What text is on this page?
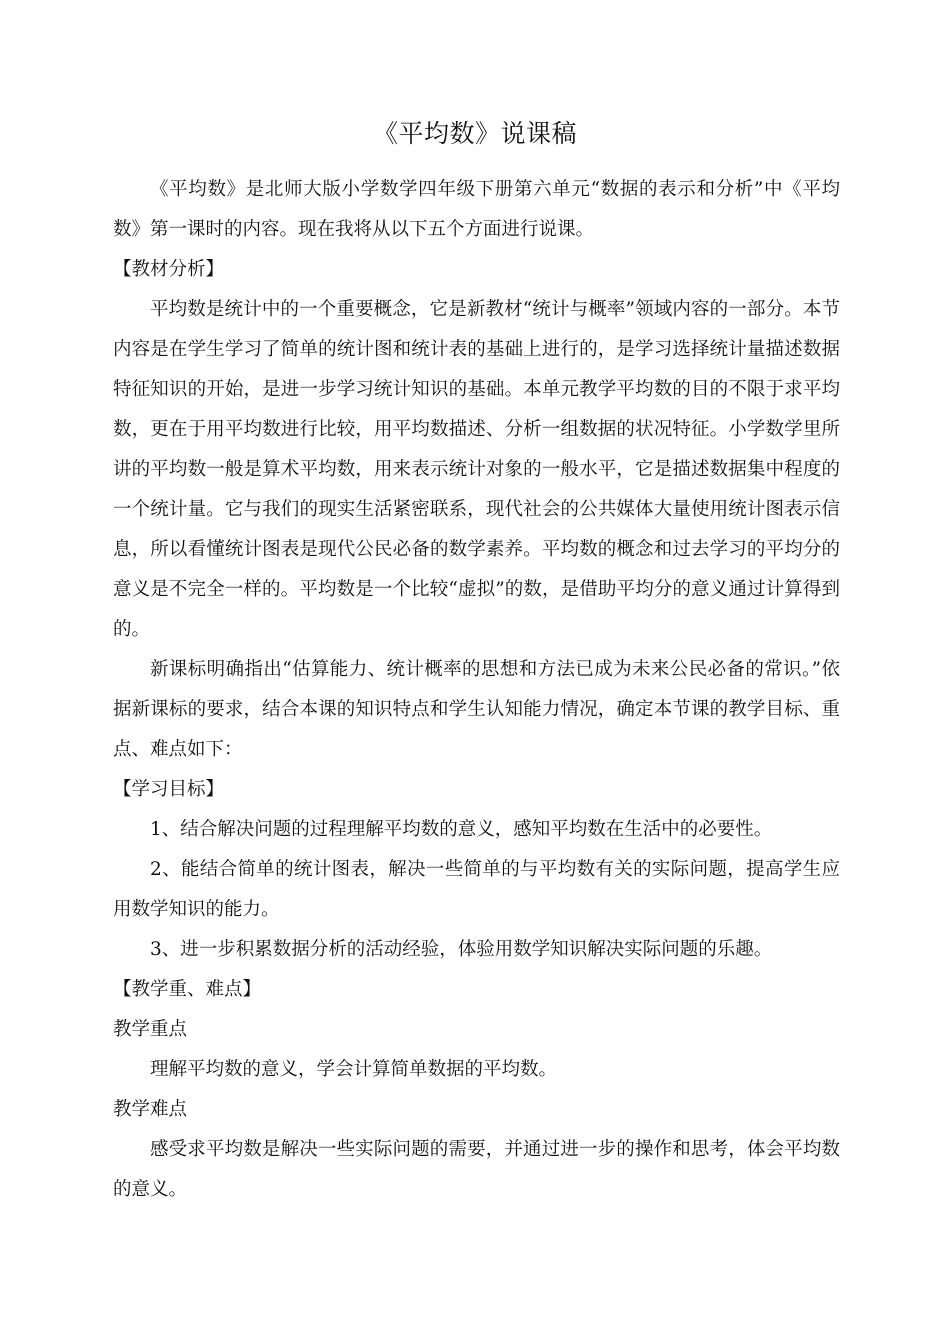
《平均数》说课稿

《平均数》是北师大版小学数学四年级下册第六单元“数据的表示和分析”中《平均数》第一课时的内容。现在我将从以下五个方面进行说课。

【教材分析】

平均数是统计中的一个重要概念，它是新教材“统计与概率”领域内容的一部分。本节内容是在学生学习了简单的统计图和统计表的基础上进行的，是学习选择统计量描述数据特征知识的开始，是进一步学习统计知识的基础。本单元教学平均数的目的不限于求平均数，更在于用平均数进行比较，用平均数描述、分析一组数据的状况特征。小学数学里所讲的平均数一般是算术平均数，用来表示统计对象的一般水平，它是描述数据集中程度的一个统计量。它与我们的现实生活紧密联系，现代社会的公共媒体大量使用统计图表示信息，所以看懂统计图表是现代公民必备的数学素养。平均数的概念和过去学习的平均分的意义是不完全一样的。平均数是一个比较“虚拟”的数，是借助平均分的意义通过计算得到的。

新课标明确指出“估算能力、统计概率的思想和方法已成为未来公民必备的常识。”依据新课标的要求，结合本课的知识特点和学生认知能力情况，确定本节课的教学目标、重点、难点如下：

【学习目标】

1、结合解决问题的过程理解平均数的意义，感知平均数在生活中的必要性。

2、能结合简单的统计图表，解决一些简单的与平均数有关的实际问题，提高学生应用数学知识的能力。

3、进一步积累数据分析的活动经验，体验用数学知识解决实际问题的乐趣。

【教学重、难点】

教学重点

理解平均数的意义，学会计算简单数据的平均数。

教学难点

感受求平均数是解决一些实际问题的需要，并通过进一步的操作和思考，体会平均数的意义。
